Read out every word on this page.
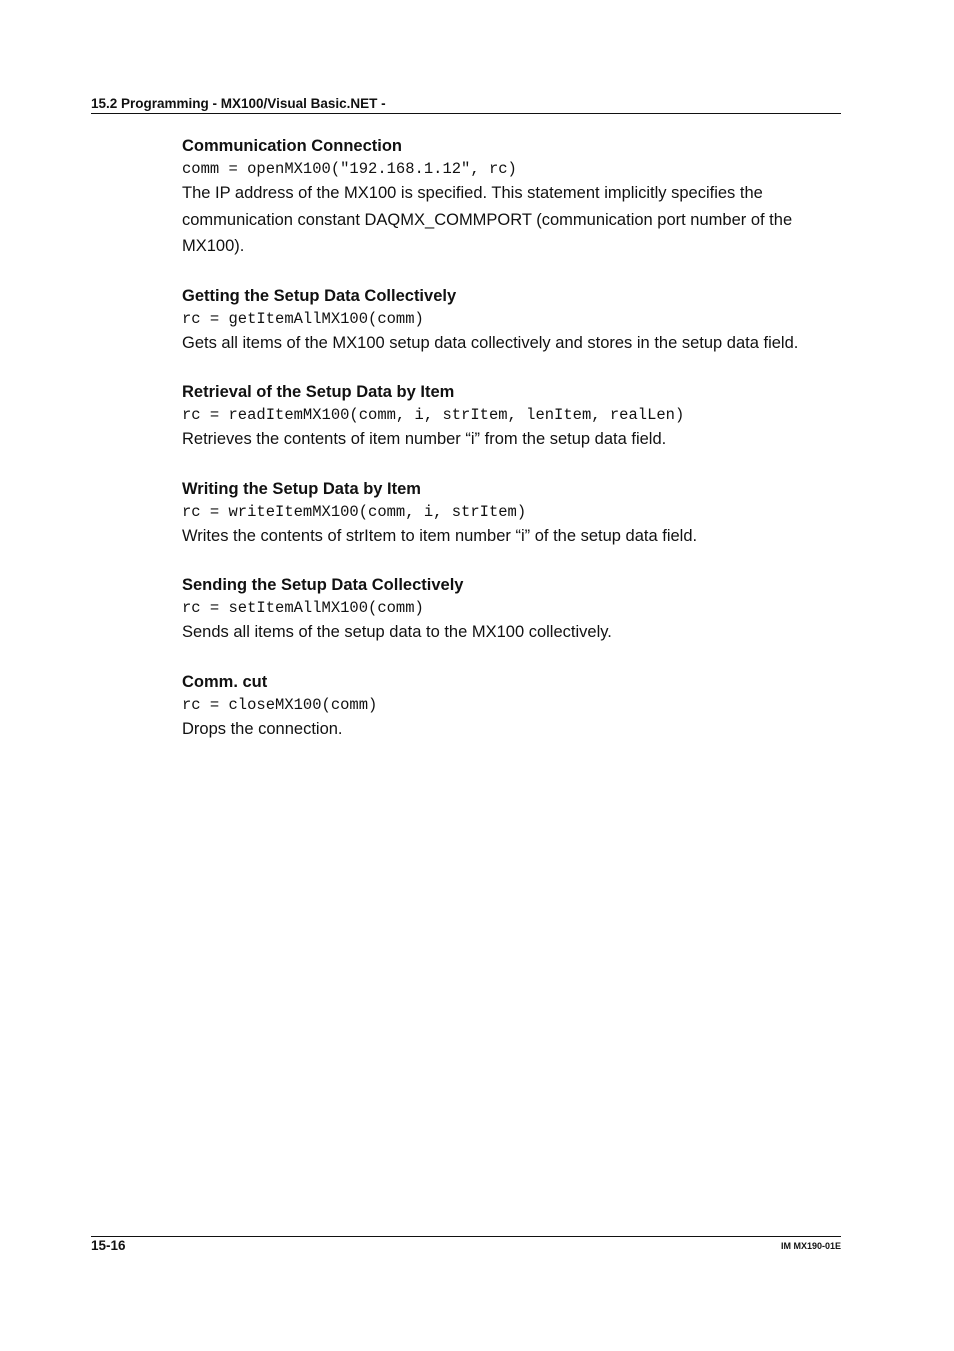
15.2 Programming - MX100/Visual Basic.NET -

Communication Connection

comm = openMX100("192.168.1.12", rc)

The IP address of the MX100 is specified. This statement implicitly specifies the communication constant DAQMX_COMMPORT (communication port number of the MX100).

Getting the Setup Data Collectively

rc = getItemAllMX100(comm)

Gets all items of the MX100 setup data collectively and stores in the setup data field.

Retrieval of the Setup Data by Item

rc = readItemMX100(comm, i, strItem, lenItem, realLen)

Retrieves the contents of item number “i” from the setup data field.

Writing the Setup Data by Item

rc = writeItemMX100(comm, i, strItem)

Writes the contents of strItem to item number “i” of the setup data field.

Sending the Setup Data Collectively

rc = setItemAllMX100(comm)

Sends all items of the setup data to the MX100 collectively.

Comm. cut

rc = closeMX100(comm)

Drops the connection.

15-16	IM MX190-01E
